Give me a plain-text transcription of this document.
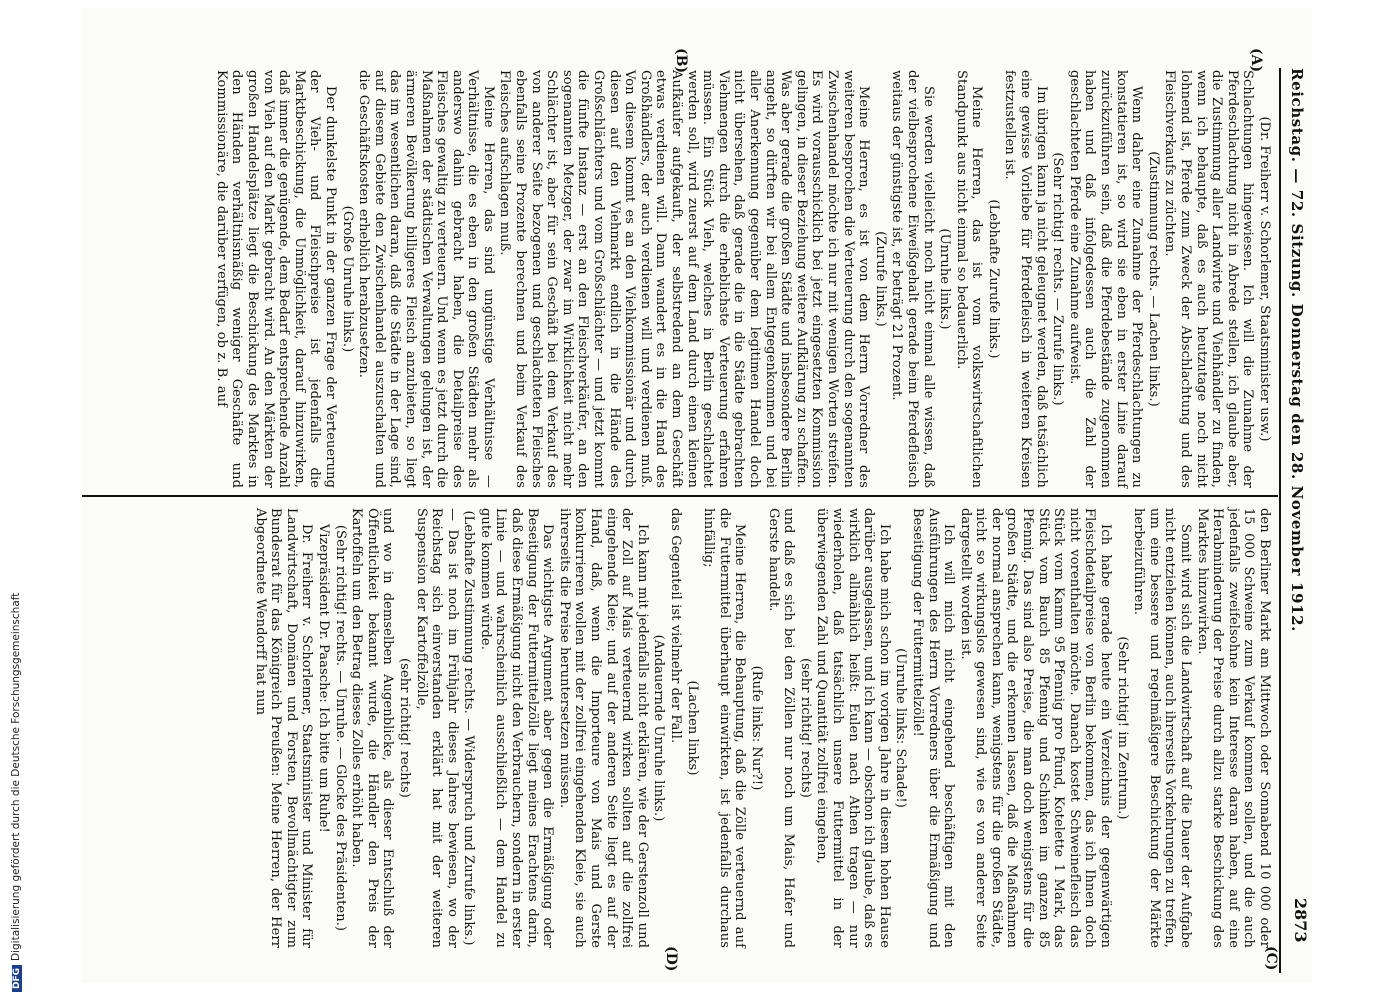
Reichstag. — 72. Sitzung. Donnerstag den 28. November 1912.
2873
(A)
(B)
(C)
(D)

(Dr. Freiherr v. Schorlemer, Staatsminister usw.)

Schlachtungen hingewiesen. Ich will die Zunahme der Pferdeschlachtung nicht in Abrede stellen, ich glaube aber, die Zustimmung aller Landwirte und Viehhändler zu finden, wenn ich behaupte, daß es auch heutzutage noch nicht lohnend ist, Pferde zum Zweck der Abschlachtung und des Fleischverkaufs zu züchten.

(Zustimmung rechts. — Lachen links.)

Wenn daher eine Zunahme der Pferdeschlachtungen zu konstatieren ist, so wird sie eben in erster Linie darauf zurückzuführen sein, daß die Pferdebestände zugenommen haben und daß infolgedessen auch die Zahl der geschlachteten Pferde eine Zunahme aufweist.

(Sehr richtig! rechts. — Zurufe links.)

Im übrigen kann ja nicht geleugnet werden, daß tatsächlich eine gewisse Vorliebe für Pferdefleisch in weiteren Kreisen festzustellen ist.

(Lebhafte Zurufe links.)

Meine Herren, das ist vom volkswirtschaftlichen Standpunkt aus nicht einmal so bedauerlich.

(Unruhe links.)

Sie werden vielleicht noch nicht einmal alle wissen, daß der vielbesprochene Eiweißgehalt gerade beim Pferdefleisch weitaus der günstigste ist, er beträgt 21 Prozent.

(Zurufe links.)

Meine Herren, es ist von dem Herrn Vorredner des weiteren besprochen die Verteuerung durch den sogenannten Zwischenhandel möchte ich nur mit wenigen Worten streifen. Es wird vorausschicklich bei jetzt eingesetzten Kommission gelingen, in dieser Beziehung weitere Aufklärung zu schaffen. Was aber gerade die großen Städte und insbesondere Berlin angeht, so dürften wir bei allem Entgegenkommen und bei aller Anerkennung gegenüber dem legitimen Handel doch nicht übersehen, daß gerade die in die Städte gebrachten Viehmengen durch die erheblichste Verteuerung erfahren müssen. Ein Stück Vieh, welches in Berlin geschlachtet werden soll, wird zuerst auf dem Land durch einen kleinen Aufkäufer aufgekauft, der selbstredend an dem Geschäft etwas verdienen will. Dann wandert es in die Hand des Großhändlers, der auch verdienen will und verdienen muß. Von diesem kommt es an den Viehkommissionär und durch diesen auf den Viehmarkt endlich in die Hände des Großschlächters und vom Großschlächter — und jetzt kommt die fünfte Instanz — erst an den Fleischverkäufer, an den sogenannten Metzger, der zwar im Wirklichkeit nicht mehr Schlächter ist, aber für sein Geschäft bei dem Verkauf des von anderer Seite bezogenen und geschlachteten Fleisches ebenfalls seine Prozente berechnen und beim Verkauf des Fleisches aufschlagen muß.

Meine Herren, das sind ungünstige Verhältnisse — Verhältnisse, die es eben in den großen Städten mehr als anderswo dahin gebracht haben, die Detailpreise des Fleisches gewaltig zu verteuern. Und wenn es jetzt durch die Maßnahmen der städtischen Verwaltungen gelungen ist, der ärmeren Bevölkerung billigeres Fleisch anzubieten, so liegt das im wesentlichen daran, daß die Städte in der Lage sind, auf diesem Gebiete den Zwischenhandel auszuschalten und die Geschäftskosten erheblich herabzusetzen.

(Große Unruhe links.)

Der dunkelste Punkt in der ganzen Frage der Verteuerung der Vieh- und Fleischpreise ist jedenfalls die Marktbeschickung, die Unmöglichkeit, darauf hinzuwirken, daß immer die genügende, dem Bedarf entsprechende Anzahl von Vieh auf den Markt gebracht wird. An den Märkten der großen Handelsplätze liegt die Beschickung des Marktes in den Händen verhältnismäßig weniger Geschäfte und Kommissionäre, die darüber verfügen, ob z. B. auf

den Berliner Markt am Mittwoch oder Sonnabend 10 000 oder 15 000 Schweine zum Verkauf kommen sollen, und die auch jedenfalls zweifelsohne kein Interesse daran haben, auf eine Herabminderung der Preise durch allzu starke Beschickung des Marktes hinzuwirken.

Somit wird sich die Landwirtschaft auf die Dauer der Aufgabe nicht entziehen können, auch ihrerseits Vorkehrungen zu treffen, um eine bessere und regelmäßigere Beschickung der Märkte herbeizuführen.

(Sehr richtig! im Zentrum.)

Ich habe gerade heute ein Verzeichnis der gegenwärtigen Fleischdetailpreise von Berlin bekommen, das ich Ihnen doch nicht vorenthalten möchte. Danach kostet Schweinefleisch das Stück vom Kamm 95 Pfennig pro Pfund, Kotelette 1 Mark, das Stück vom Bauch 85 Pfennig und Schinken im ganzen 85 Pfennig. Das sind also Preise, die man doch wenigstens für die großen Städte, und die erkennen lassen, daß die Maßnahmen der normal ansprechen kann, wenigstens für die großen Städte, nicht so wirkungslos gewesen sind, wie es von anderer Seite dargestellt worden ist.

Ich will mich nicht eingehend beschäftigen mit den Ausführungen des Herrn Vorredners über die Ermäßigung und Beseitigung der Futtermittelzölle!

(Unruhe links: Schade!)

Ich habe mich schon im vorigen Jahre in diesem hohen Hause darüber ausgelassen, und ich kann — obschon ich glaube, daß es wirklich allmählich heißt: Eulen nach Athen tragen — nur wiederholen, daß tatsächlich unsere Futtermittel in der überwiegenden Zahl und Quantität zollfrei eingehen,

(sehr richtig! rechts)

und daß es sich bei den Zöllen nur noch um Mais, Hafer und Gerste handelt.

(Rufe links: Nur?!)

Meine Herren, die Behauptung, daß die Zölle verteuernd auf die Futtermittel überhaupt einwirkten, ist jedenfalls durchaus hinfällig;

(Lachen links)

das Gegenteil ist vielmehr der Fall.

(Andauernde Unruhe links.)

Ich kann mit jedenfalls nicht erklären, wie der Gerstenzoll und der Zoll auf Mais verteuernd wirken sollten auf die zollfrei eingehende Kleie; und auf der anderen Seite liegt es auf der Hand, daß, wenn die Importeure von Mais und Gerste konkurrieren wollen mit der zollfrei eingehenden Kleie, sie auch ihrerseits die Preise heruntersetzen müssen.

Das wichtigste Argument aber gegen die Ermäßigung oder Beseitigung der Futtermittelzölle liegt meines Erachtens darin, daß diese Ermäßigung nicht den Verbrauchern, sondern in erster Linie — und wahrscheinlich ausschließlich — dem Handel zu gute kommen würde.

(Lebhafte Zustimmung rechts. — Widerspruch und Zurufe links.)

— Das ist noch im Frühjahr dieses Jahres bewiesen, wo der Reichstag sich einverstanden erklärt hat mit der weiteren Suspension der Kartoffelzölle,

(sehr richtig! rechts)

und wo in demselben Augenblicke, als dieser Entschluß der Öffentlichkeit bekannt wurde, die Händler den Preis der Kartoffeln um den Betrag dieses Zolles erhöht haben.

(Sehr richtig! rechts. — Unruhe. — Glocke des Präsidenten.)

Vizepräsident Dr. Paasche: Ich bitte um Ruhe!

Dr. Freiherr v. Schorlemer, Staatsminister und Minister für Landwirtschaft, Domänen und Forsten, Bevollmächtigter zum Bundesrat für das Königreich Preußen: Meine Herren, der Herr Abgeordnete Wendorff hat nun

DFGDigitalisierung gefördert durch die Deutsche Forschungsgemeinschaft
